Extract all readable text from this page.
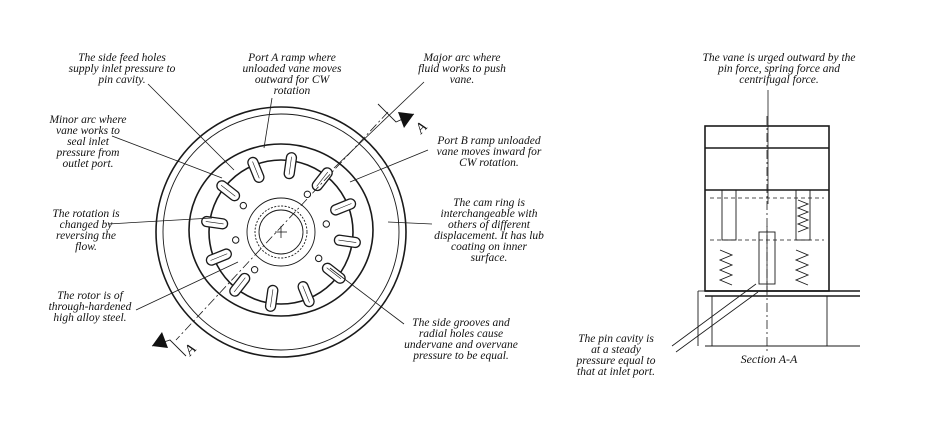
A
A
The side feed holes
supply inlet pressure to
pin cavity.
Port A ramp where
unloaded vane moves
outward for CW
rotation
Major arc where
fluid works to push
vane.
Minor arc where
vane works to
seal inlet
pressure from
outlet port.
Port B ramp unloaded
vane moves inward for
CW rotation.
The rotation is
changed by
reversing the
flow.
The cam ring is
interchangeable with
others of different
displacement. It has lub
coating on inner
surface.
The rotor is of
through-hardened
high alloy steel.	The side grooves and
radial holes cause
undervane and overvane
pressure to be equal.
The vane is urged outward by the
pin force, spring force and
centrifugal force.
The pin cavity is
at a steady
pressure equal to
that at inlet port.
Section A-A
